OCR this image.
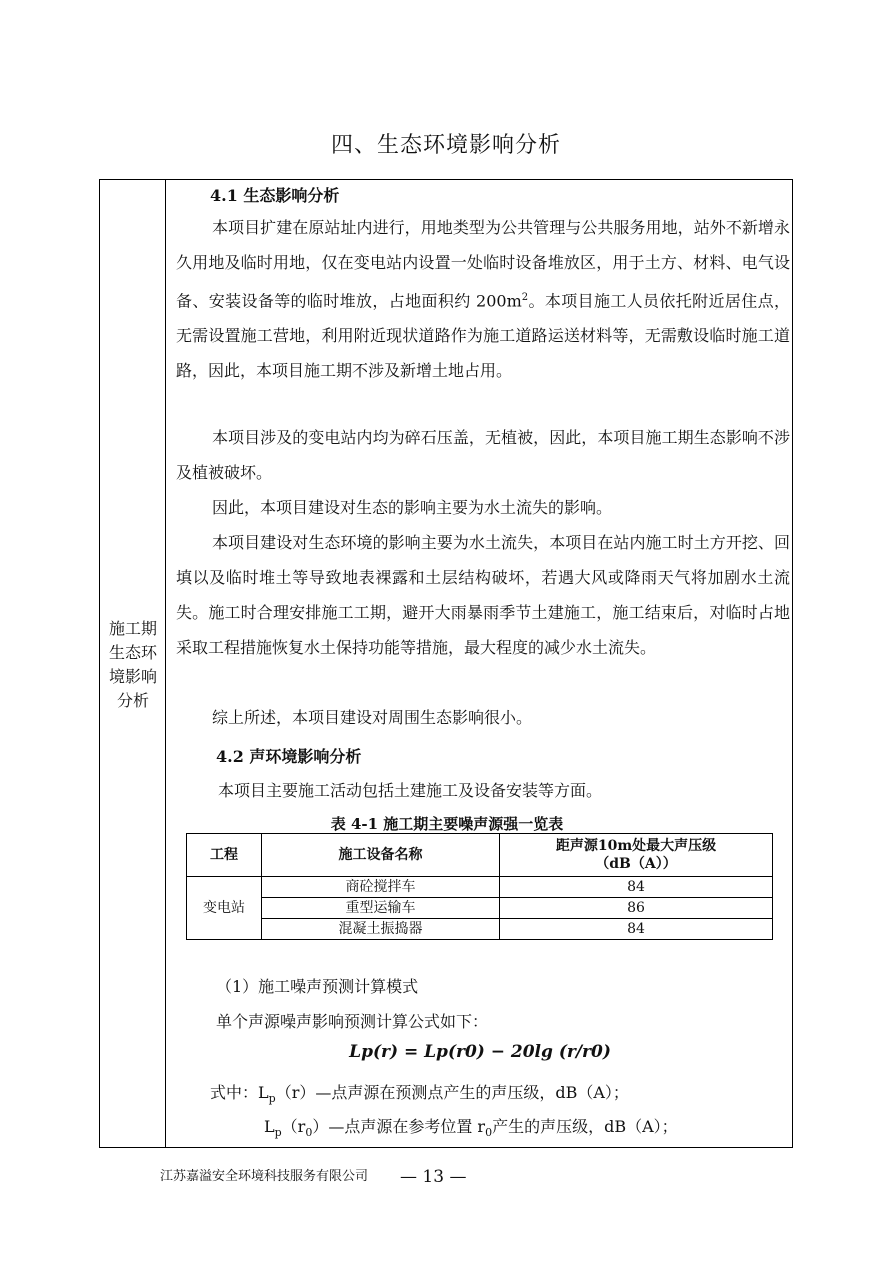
四、生态环境影响分析
施工期生态环境影响分析
4.1 生态影响分析

本项目扩建在原站址内进行，用地类型为公共管理与公共服务用地，站外不新增永久用地及临时用地，仅在变电站内设置一处临时设备堆放区，用于土方、材料、电气设备、安装设备等的临时堆放，占地面积约 $200m^2$。本项目施工人员依托附近居住点，无需设置施工营地，利用附近现状道路作为施工道路运送材料等，无需敷设临时施工道路，因此，本项目施工期不涉及新增土地占用。

本项目涉及的变电站内均为碎石压盖，无植被，因此，本项目施工期生态影响不涉及植被破坏。

因此，本项目建设对生态的影响主要为水土流失的影响。

本项目建设对生态环境的影响主要为水土流失，本项目在站内施工时土方开挖、回填以及临时堆土等导致地表裸露和土层结构破坏，若遇大风或降雨天气将加剧水土流失。施工时合理安排施工工期，避开大雨暴雨季节土建施工，施工结束后，对临时占地采取工程措施恢复水土保持功能等措施，最大程度的减少水土流失。

综上所述，本项目建设对周围生态影响很小。

4.2 声环境影响分析
本项目主要施工活动包括土建施工及设备安装等方面。
表 4-1 施工期主要噪声源强一览表
工程	施工设备名称	距声源10m处最大声压级
（dB（A））
变电站	商砼搅拌车	84
	重型运输车	86
	混凝土振捣器	84
（1）施工噪声预测计算模式
单个声源噪声影响预测计算公式如下：
Lp(r) = Lp(r0) − 20lg (r/r0)
式中：$L_p(r)—$点声源在预测点产生的声压级，dB（A）；
$L_p(r_0)—$点声源在参考位置 $r_0$产生的声压级，dB（A）；
江苏嘉溢安全环境科技服务有限公司 — 13 —
